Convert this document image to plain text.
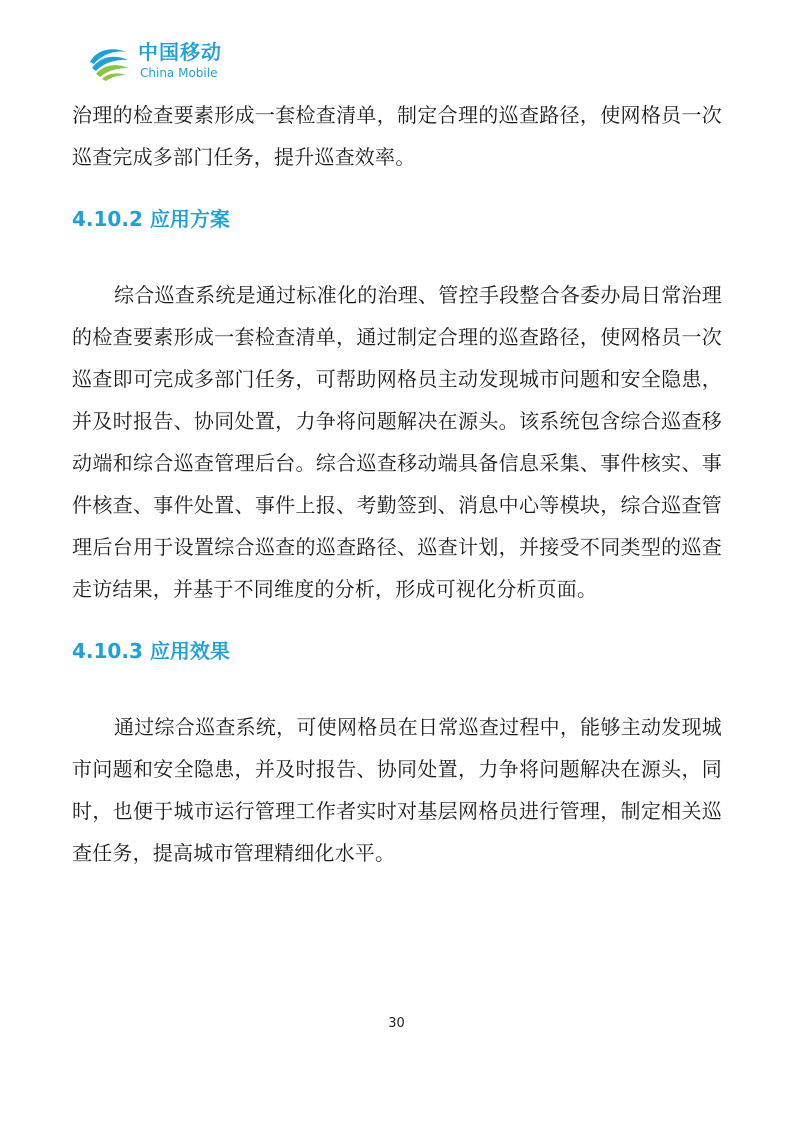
中国移动
China Mobile

治理的检查要素形成一套检查清单，制定合理的巡查路径，使网格员一次巡查完成多部门任务，提升巡查效率。

4.10.2 应用方案

综合巡查系统是通过标准化的治理、管控手段整合各委办局日常治理的检查要素形成一套检查清单，通过制定合理的巡查路径，使网格员一次巡查即可完成多部门任务，可帮助网格员主动发现城市问题和安全隐患，并及时报告、协同处置，力争将问题解决在源头。该系统包含综合巡查移动端和综合巡查管理后台。综合巡查移动端具备信息采集、事件核实、事件核查、事件处置、事件上报、考勤签到、消息中心等模块，综合巡查管理后台用于设置综合巡查的巡查路径、巡查计划，并接受不同类型的巡查走访结果，并基于不同维度的分析，形成可视化分析页面。

4.10.3 应用效果

通过综合巡查系统，可使网格员在日常巡查过程中，能够主动发现城市问题和安全隐患，并及时报告、协同处置，力争将问题解决在源头，同时，也便于城市运行管理工作者实时对基层网格员进行管理，制定相关巡查任务，提高城市管理精细化水平。

30
